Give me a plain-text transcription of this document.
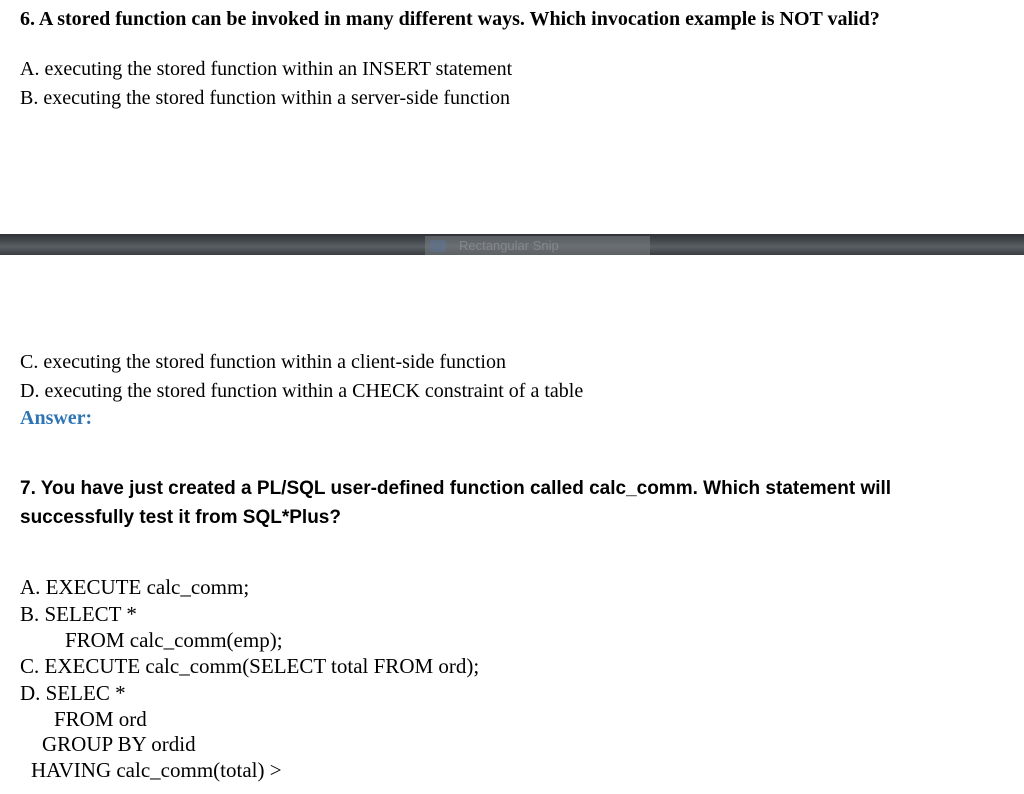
6. A stored function can be invoked in many different ways. Which invocation example is NOT valid?
A. executing the stored function within an INSERT statement
B. executing the stored function within a server-side function
Rectangular Snip
C. executing the stored function within a client-side function
D. executing the stored function within a CHECK constraint of a table
Answer:
7. You have just created a PL/SQL user-defined function called calc_comm. Which statement will
successfully test it from SQL*Plus?
A. EXECUTE calc_comm;
B. SELECT *
FROM calc_comm(emp);
C. EXECUTE calc_comm(SELECT total FROM ord);
D. SELEC *
FROM ord
GROUP BY ordid
HAVING calc_comm(total) >
